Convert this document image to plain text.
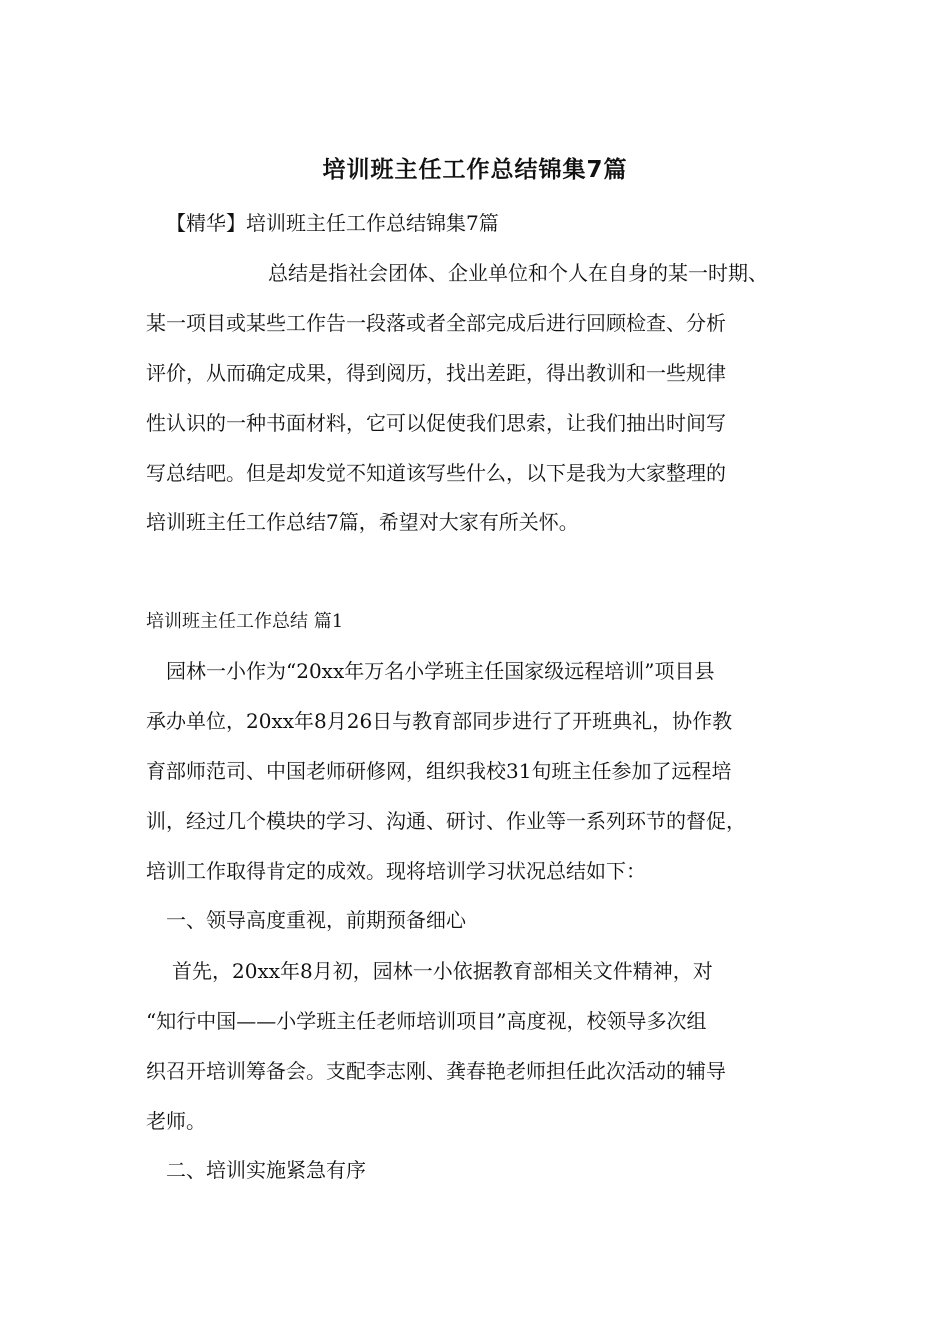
培训班主任工作总结锦集7篇
【精华】培训班主任工作总结锦集7篇
总结是指社会团体、企业单位和个人在自身的某一时期、
某一项目或某些工作告一段落或者全部完成后进行回顾检查、分析
评价，从而确定成果，得到阅历，找出差距，得出教训和一些规律
性认识的一种书面材料，它可以促使我们思索，让我们抽出时间写
写总结吧。但是却发觉不知道该写些什么，以下是我为大家整理的
培训班主任工作总结7篇，希望对大家有所关怀。
培训班主任工作总结 篇1
园林一小作为“20xx年万名小学班主任国家级远程培训”项目县
承办单位，20xx年8月26日与教育部同步进行了开班典礼，协作教
育部师范司、中国老师研修网，组织我校31旬班主任参加了远程培
训，经过几个模块的学习、沟通、研讨、作业等一系列环节的督促，
培训工作取得肯定的成效。现将培训学习状况总结如下：
一、领导高度重视，前期预备细心
首先，20xx年8月初，园林一小依据教育部相关文件精神，对
“知行中国——小学班主任老师培训项目”高度视，校领导多次组
织召开培训筹备会。支配李志刚、龚春艳老师担任此次活动的辅导
老师。
二、培训实施紧急有序
